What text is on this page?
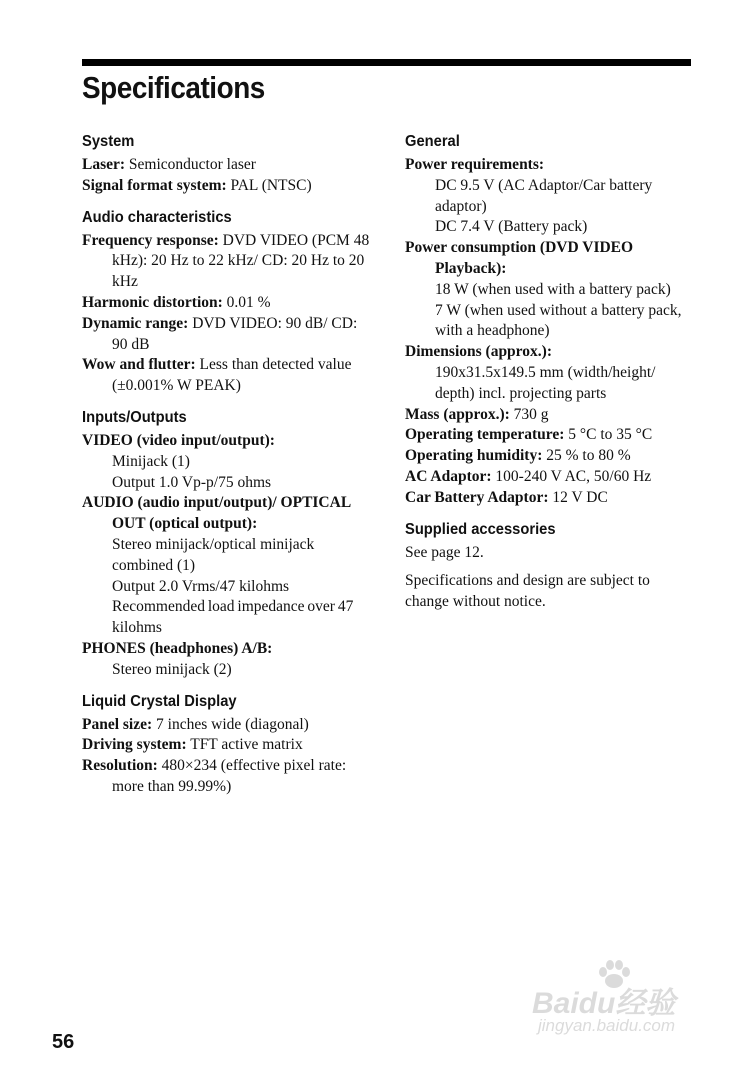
Specifications
System

Laser: Semiconductor laser

Signal format system: PAL (NTSC)

Audio characteristics

Frequency response: DVD VIDEO (PCM 48 kHz): 20 Hz to 22 kHz/ CD: 20 Hz to 20 kHz

Harmonic distortion: 0.01 %

Dynamic range: DVD VIDEO: 90 dB/ CD: 90 dB

Wow and flutter: Less than detected value (±0.001% W PEAK)

Inputs/Outputs

VIDEO (video input/output):

Minijack (1)

Output 1.0 Vp-p/75 ohms

AUDIO (audio input/output)/ OPTICAL OUT (optical output):

Stereo minijack/optical minijack combined (1)

Output 2.0 Vrms/47 kilohms

Recommended load impedance over 47 kilohms

PHONES (headphones) A/B:

Stereo minijack (2)

Liquid Crystal Display

Panel size: 7 inches wide (diagonal)

Driving system: TFT active matrix

Resolution: 480×234 (effective pixel rate: more than 99.99%)

General

Power requirements:

DC 9.5 V (AC Adaptor/Car battery adaptor)

DC 7.4 V (Battery pack)

Power consumption (DVD VIDEO Playback):

18 W (when used with a battery pack)

7 W (when used without a battery pack, with a headphone)

Dimensions (approx.):

190x31.5x149.5 mm (width/height/ depth) incl. projecting parts

Mass (approx.): 730 g

Operating temperature: 5 °C to 35 °C

Operating humidity: 25 % to 80 %

AC Adaptor: 100-240 V AC, 50/60 Hz

Car Battery Adaptor: 12 V DC

Supplied accessories

See page 12.

Specifications and design are subject to change without notice.

56
Baidu经验
jingyan.baidu.com
